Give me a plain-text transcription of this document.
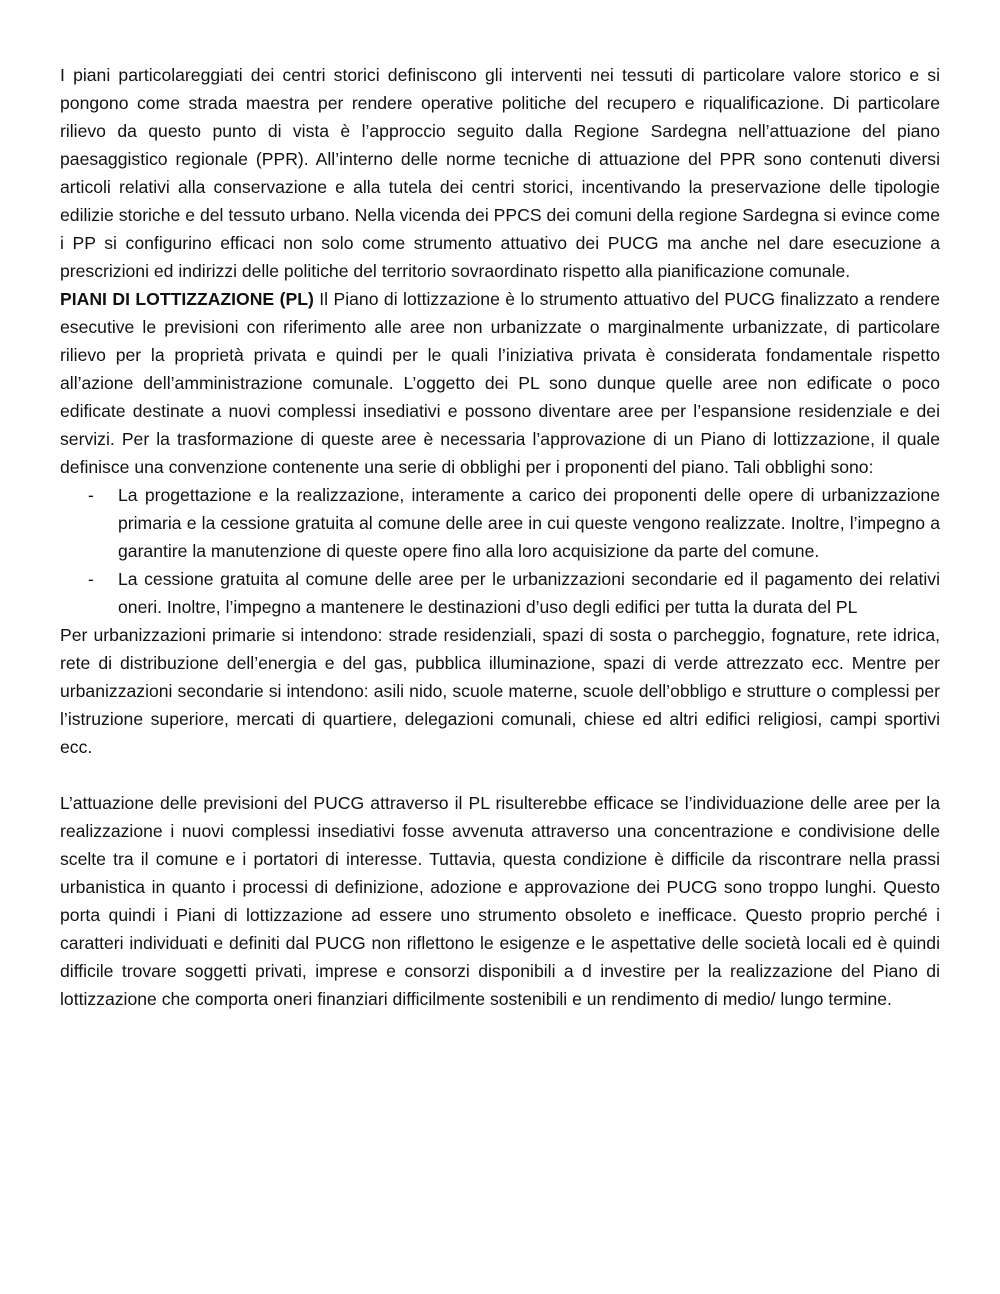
I piani particolareggiati dei centri storici definiscono gli interventi nei tessuti di particolare valore storico e si pongono come strada maestra per rendere operative politiche del recupero e riqualificazione. Di particolare rilievo da questo punto di vista è l’approccio seguito dalla Regione Sardegna nell’attuazione del piano paesaggistico regionale (PPR). All’interno delle norme tecniche di attuazione del PPR sono contenuti diversi articoli relativi alla conservazione e alla tutela dei centri storici, incentivando la preservazione delle tipologie edilizie storiche e del tessuto urbano. Nella vicenda dei PPCS dei comuni della regione Sardegna si evince come i PP si configurino efficaci non solo come strumento attuativo dei PUCG ma anche nel dare esecuzione a prescrizioni ed indirizzi delle politiche del territorio sovraordinato rispetto alla pianificazione comunale.

PIANI DI LOTTIZZAZIONE (PL) Il Piano di lottizzazione è lo strumento attuativo del PUCG finalizzato a rendere esecutive le previsioni con riferimento alle aree non urbanizzate o marginalmente urbanizzate, di particolare rilievo per la proprietà privata e quindi per le quali l’iniziativa privata è considerata fondamentale rispetto all’azione dell’amministrazione comunale. L’oggetto dei PL sono dunque quelle aree non edificate o poco edificate destinate a nuovi complessi insediativi e possono diventare aree per l’espansione residenziale e dei servizi. Per la trasformazione di queste aree è necessaria l’approvazione di un Piano di lottizzazione, il quale definisce una convenzione contenente una serie di obblighi per i proponenti del piano. Tali obblighi sono:

- La progettazione e la realizzazione, interamente a carico dei proponenti delle opere di urbanizzazione primaria e la cessione gratuita al comune delle aree in cui queste vengono realizzate. Inoltre, l’impegno a garantire la manutenzione di queste opere fino alla loro acquisizione da parte del comune.
- La cessione gratuita al comune delle aree per le urbanizzazioni secondarie ed il pagamento dei relativi oneri. Inoltre, l’impegno a mantenere le destinazioni d’uso degli edifici per tutta la durata del PL

Per urbanizzazioni primarie si intendono: strade residenziali, spazi di sosta o parcheggio, fognature, rete idrica, rete di distribuzione dell’energia e del gas, pubblica illuminazione, spazi di verde attrezzato ecc. Mentre per urbanizzazioni secondarie si intendono: asili nido, scuole materne, scuole dell’obbligo e strutture o complessi per l’istruzione superiore, mercati di quartiere, delegazioni comunali, chiese ed altri edifici religiosi, campi sportivi ecc.

L’attuazione delle previsioni del PUCG attraverso il PL risulterebbe efficace se l’individuazione delle aree per la realizzazione i nuovi complessi insediativi fosse avvenuta attraverso una concentrazione e condivisione delle scelte tra il comune e i portatori di interesse. Tuttavia, questa condizione è difficile da riscontrare nella prassi urbanistica in quanto i processi di definizione, adozione e approvazione dei PUCG sono troppo lunghi. Questo porta quindi i Piani di lottizzazione ad essere uno strumento obsoleto e inefficace. Questo proprio perché i caratteri individuati e definiti dal PUCG non riflettono le esigenze e le aspettative delle società locali ed è quindi difficile trovare soggetti privati, imprese e consorzi disponibili a d investire per la realizzazione del Piano di lottizzazione che comporta oneri finanziari difficilmente sostenibili e un rendimento di medio/ lungo termine.
